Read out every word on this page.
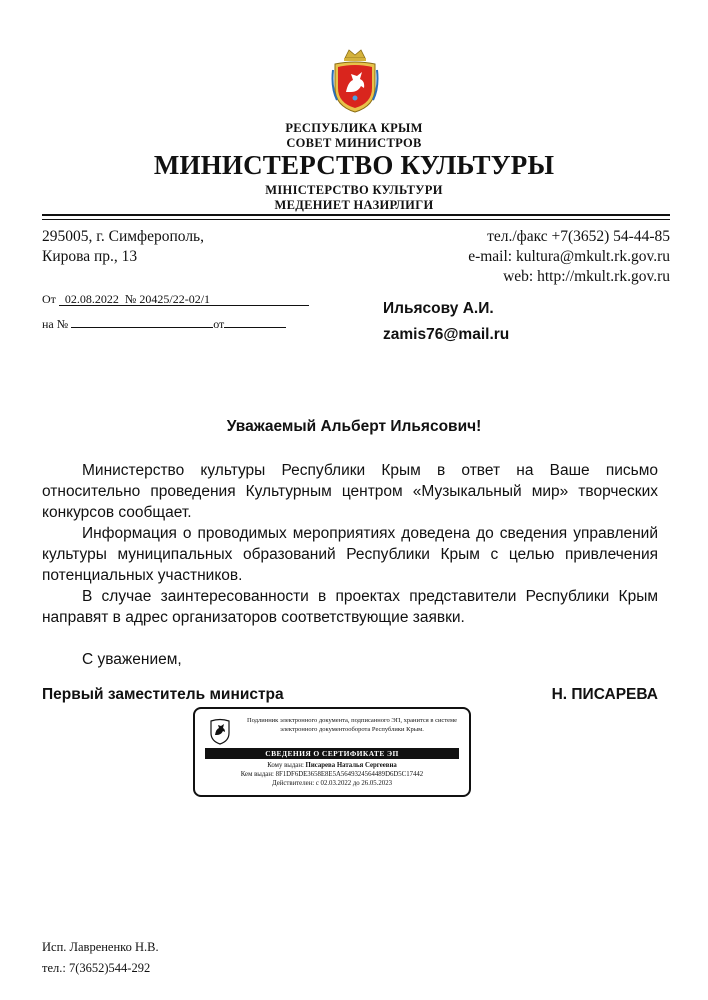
РЕСПУБЛИКА КРЫМ
СОВЕТ МИНИСТРОВ
МИНИСТЕРСТВО КУЛЬТУРЫ
МІНІСТЕРСТВО КУЛЬТУРИ
МЕДЕНИЕТ НАЗИРЛИГИ
295005, г. Симферополь,
Кирова пр., 13
тел./факс +7(3652) 54-44-85
e-mail: kultura@mkult.rk.gov.ru
web: http://mkult.rk.gov.ru
От 02.08.2022 № 20425/22-02/1
на №	от
Ильясову А.И.
zamis76@mail.ru
Уважаемый Альберт Ильясович!

Министерство культуры Республики Крым в ответ на Ваше письмо относительно проведения Культурным центром «Музыкальный мир» творческих конкурсов сообщает.

Информация о проводимых мероприятиях доведена до сведения управлений культуры муниципальных образований Республики Крым с целью привлечения потенциальных участников.

В случае заинтересованности в проектах представители Республики Крым направят в адрес организаторов соответствующие заявки.

С уважением,
Первый заместитель министра	Н. ПИСАРЕВА
Подлинник электронного документа, подписанного ЭП, хранится в системе электронного документооборота Республики Крым.
СВЕДЕНИЯ О СЕРТИФИКАТЕ ЭП
Кому выдан: Писарева Наталья Сергеевна
Кем выдан: 8F1DF6DE3658E8E5A5649324564489D6D5C17442
Действителен: с 02.03.2022 до 26.05.2023
Исп. Лаврененко Н.В.
тел.: 7(3652)544-292
